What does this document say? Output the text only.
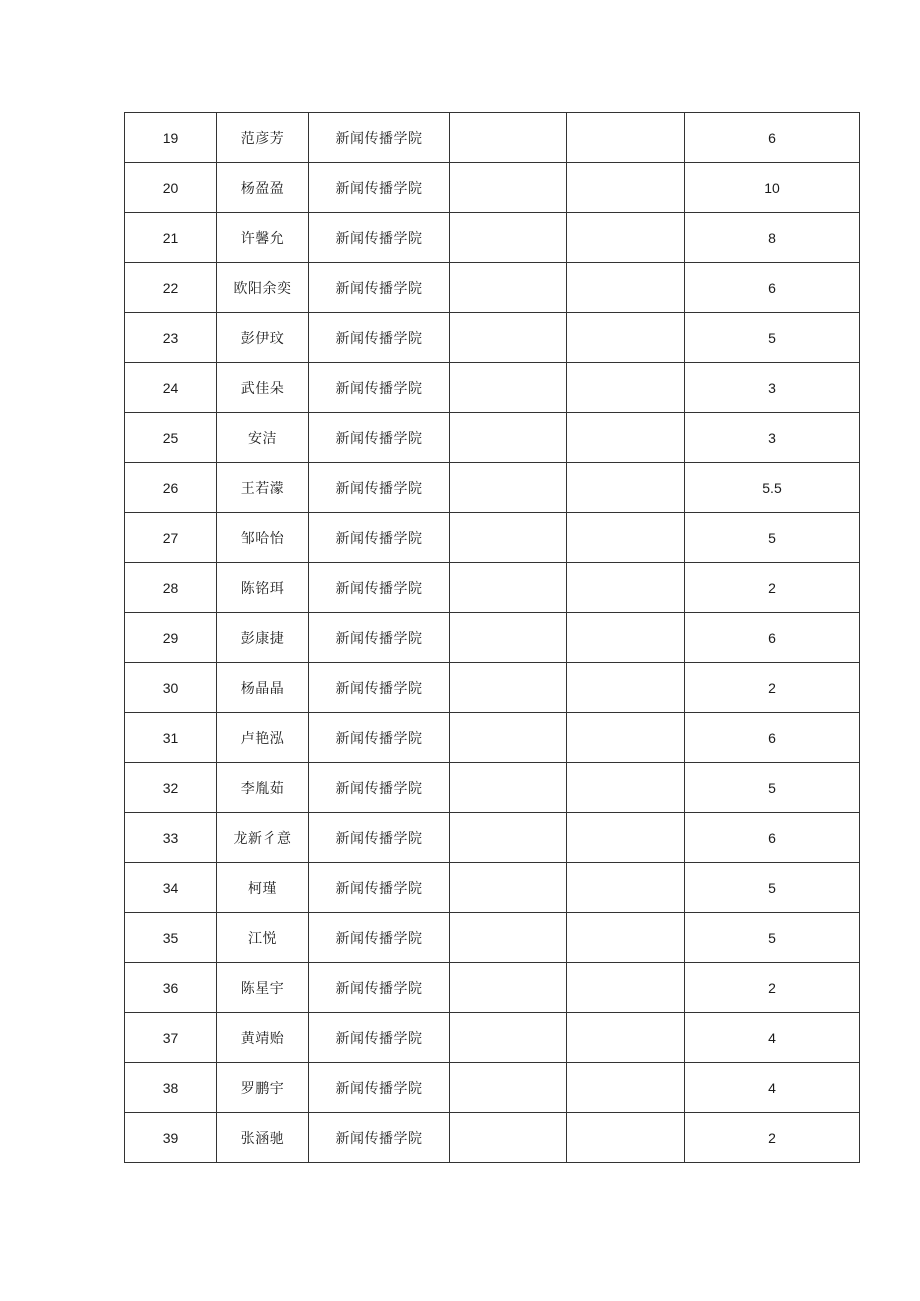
19	范彦芳	新闻传播学院			6
20	杨盈盈	新闻传播学院			10
21	许馨允	新闻传播学院			8
22	欧阳余奕	新闻传播学院			6
23	彭伊玟	新闻传播学院			5
24	武佳朵	新闻传播学院			3
25	安洁	新闻传播学院			3
26	王若濛	新闻传播学院			5.5
27	邹哈怡	新闻传播学院			5
28	陈铭珥	新闻传播学院			2
29	彭康捷	新闻传播学院			6
30	杨晶晶	新闻传播学院			2
31	卢艳泓	新闻传播学院			6
32	李胤茹	新闻传播学院			5
33	龙新彳意	新闻传播学院			6
34	柯瑾	新闻传播学院			5
35	江悦	新闻传播学院			5
36	陈星宇	新闻传播学院			2
37	黄靖贻	新闻传播学院			4
38	罗鹏宇	新闻传播学院			4
39	张涵驰	新闻传播学院			2
